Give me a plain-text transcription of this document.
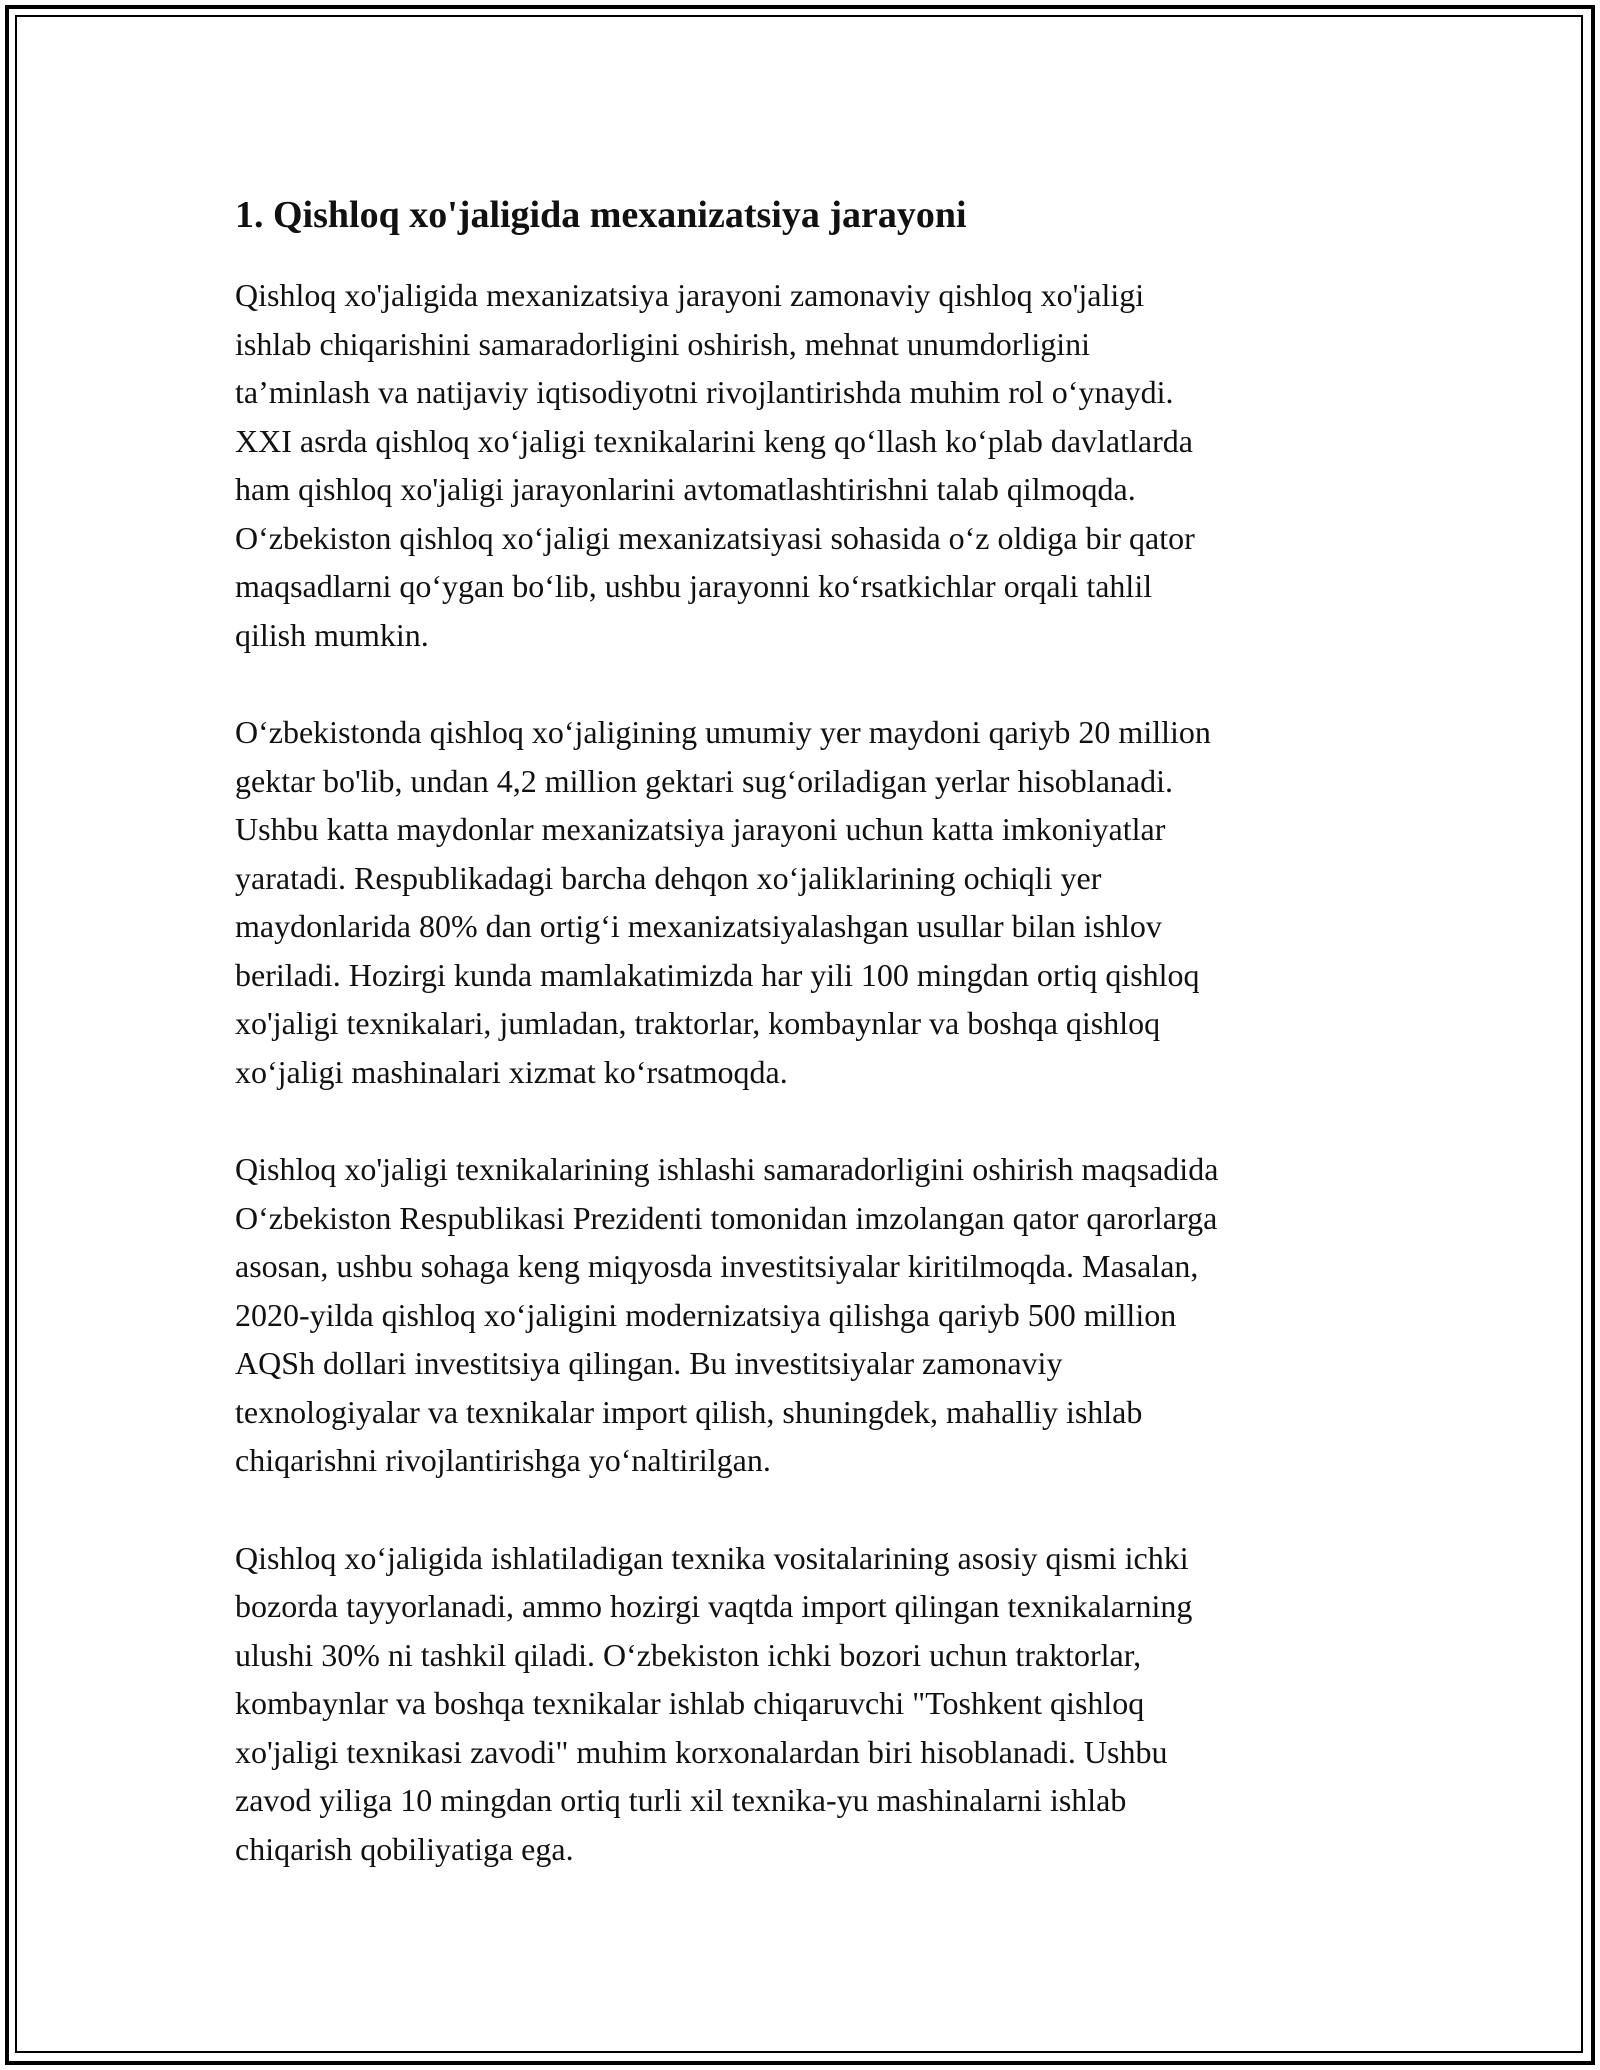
1. Qishloq xo'jaligida mexanizatsiya jarayoni

Qishloq xo'jaligida mexanizatsiya jarayoni zamonaviy qishloq xo'jaligi
ishlab chiqarishini samaradorligini oshirish, mehnat unumdorligini
ta’minlash va natijaviy iqtisodiyotni rivojlantirishda muhim rol o‘ynaydi.
XXI asrda qishloq xo‘jaligi texnikalarini keng qo‘llash ko‘plab davlatlarda
ham qishloq xo'jaligi jarayonlarini avtomatlashtirishni talab qilmoqda.
O‘zbekiston qishloq xo‘jaligi mexanizatsiyasi sohasida o‘z oldiga bir qator
maqsadlarni qo‘ygan bo‘lib, ushbu jarayonni ko‘rsatkichlar orqali tahlil
qilish mumkin.

O‘zbekistonda qishloq xo‘jaligining umumiy yer maydoni qariyb 20 million
gektar bo'lib, undan 4,2 million gektari sug‘oriladigan yerlar hisoblanadi.
Ushbu katta maydonlar mexanizatsiya jarayoni uchun katta imkoniyatlar
yaratadi. Respublikadagi barcha dehqon xo‘jaliklarining ochiqli yer
maydonlarida 80% dan ortig‘i mexanizatsiyalashgan usullar bilan ishlov
beriladi. Hozirgi kunda mamlakatimizda har yili 100 mingdan ortiq qishloq
xo'jaligi texnikalari, jumladan, traktorlar, kombaynlar va boshqa qishloq
xo‘jaligi mashinalari xizmat ko‘rsatmoqda.

Qishloq xo'jaligi texnikalarining ishlashi samaradorligini oshirish maqsadida
O‘zbekiston Respublikasi Prezidenti tomonidan imzolangan qator qarorlarga
asosan, ushbu sohaga keng miqyosda investitsiyalar kiritilmoqda. Masalan,
2020-yilda qishloq xo‘jaligini modernizatsiya qilishga qariyb 500 million
AQSh dollari investitsiya qilingan. Bu investitsiyalar zamonaviy
texnologiyalar va texnikalar import qilish, shuningdek, mahalliy ishlab
chiqarishni rivojlantirishga yo‘naltirilgan.

Qishloq xo‘jaligida ishlatiladigan texnika vositalarining asosiy qismi ichki
bozorda tayyorlanadi, ammo hozirgi vaqtda import qilingan texnikalarning
ulushi 30% ni tashkil qiladi. O‘zbekiston ichki bozori uchun traktorlar,
kombaynlar va boshqa texnikalar ishlab chiqaruvchi "Toshkent qishloq
xo'jaligi texnikasi zavodi" muhim korxonalardan biri hisoblanadi. Ushbu
zavod yiliga 10 mingdan ortiq turli xil texnika-yu mashinalarni ishlab
chiqarish qobiliyatiga ega.
